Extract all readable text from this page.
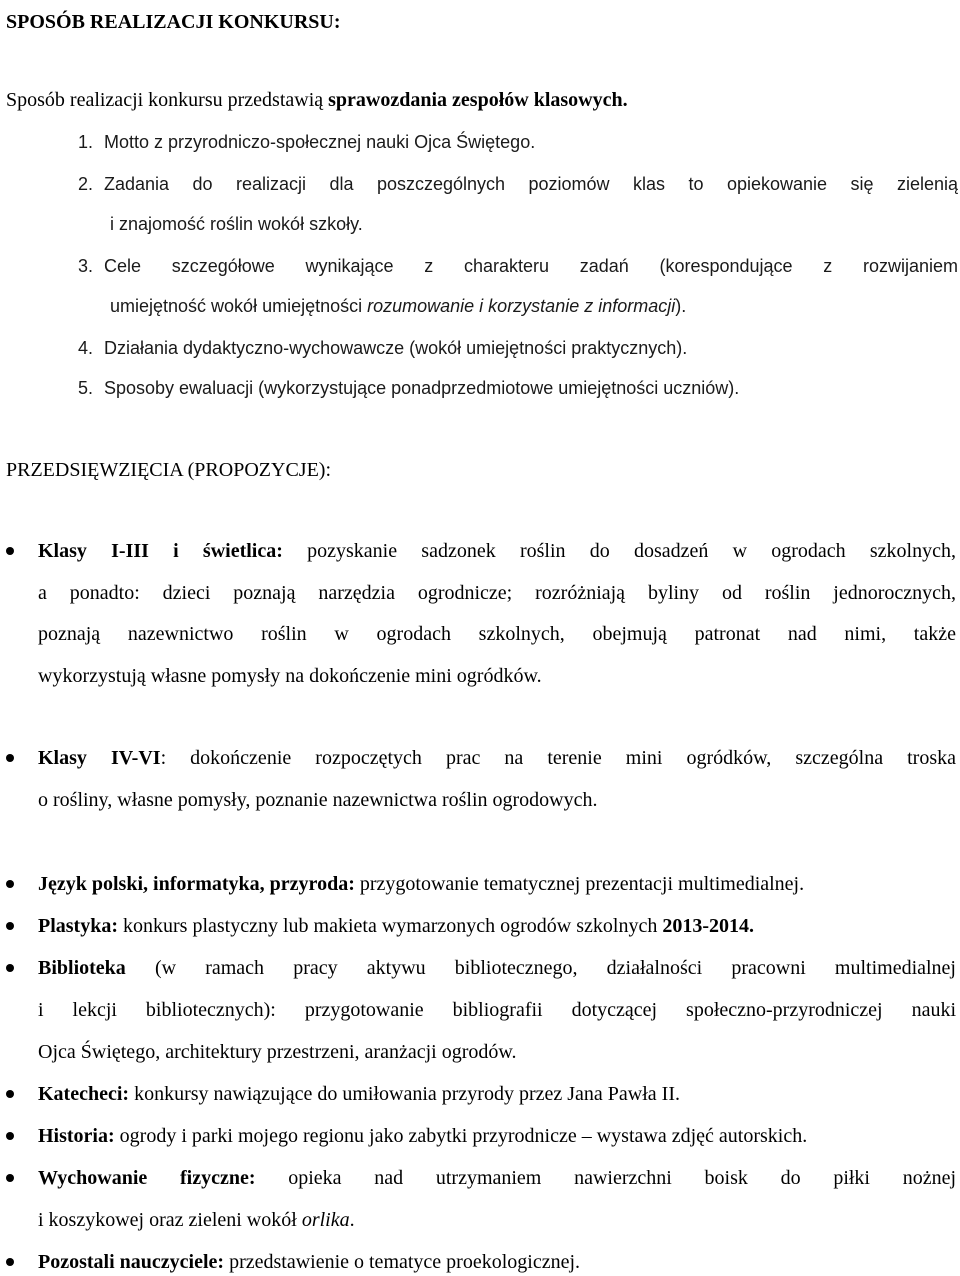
SPOSÓB REALIZACJI KONKURSU:
Sposób realizacji konkursu przedstawią sprawozdania zespołów klasowych.
1. Motto z przyrodniczo-społecznej nauki Ojca Świętego.
2. Zadania do realizacji dla poszczególnych poziomów klas to opiekowanie się zielenią
i znajomość roślin wokół szkoły.
3. Cele szczegółowe wynikające z charakteru zadań (korespondujące z rozwijaniem
umiejętność wokół umiejętności rozumowanie i korzystanie z informacji).
4. Działania dydaktyczno-wychowawcze (wokół umiejętności praktycznych).
5. Sposoby ewaluacji (wykorzystujące ponadprzedmiotowe umiejętności uczniów).
PRZEDSIĘWZIĘCIA (PROPOZYCJE):
Klasy I-III i świetlica: pozyskanie sadzonek roślin do dosadzeń w ogrodach szkolnych,
a ponadto: dzieci poznają narzędzia ogrodnicze; rozróżniają byliny od roślin jednorocznych,
poznają nazewnictwo roślin w ogrodach szkolnych, obejmują patronat nad nimi, także
wykorzystują własne pomysły na dokończenie mini ogródków.
Klasy IV-VI: dokończenie rozpoczętych prac na terenie mini ogródków, szczególna troska
o rośliny, własne pomysły, poznanie nazewnictwa roślin ogrodowych.
Język polski, informatyka, przyroda: przygotowanie tematycznej prezentacji multimedialnej.
Plastyka: konkurs plastyczny lub makieta wymarzonych ogrodów szkolnych 2013-2014.
Biblioteka (w ramach pracy aktywu bibliotecznego, działalności pracowni multimedialnej
i lekcji bibliotecznych): przygotowanie bibliografii dotyczącej społeczno-przyrodniczej nauki
Ojca Świętego, architektury przestrzeni, aranżacji ogrodów.
Katecheci: konkursy nawiązujące do umiłowania przyrody przez Jana Pawła II.
Historia: ogrody i parki mojego regionu jako zabytki przyrodnicze – wystawa zdjęć autorskich.
Wychowanie fizyczne: opieka nad utrzymaniem nawierzchni boisk do piłki nożnej
i koszykowej oraz zieleni wokół orlika.
Pozostali nauczyciele: przedstawienie o tematyce proekologicznej.
